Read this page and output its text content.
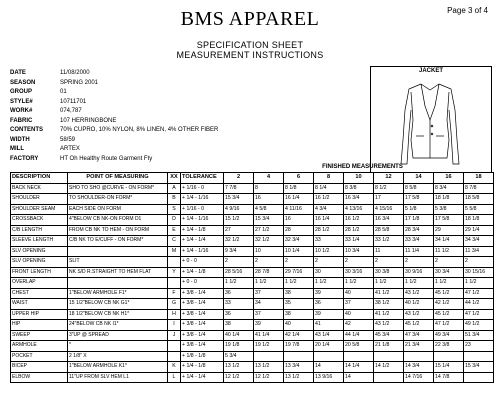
Page 3 of 4
BMS APPAREL
SPECIFICATION SHEET
MEASUREMENT INSTRUCTIONS
DATE	11/08/2000
SEASON	SPRING 2001
GROUP	01
STYLE#	10711701
WORK#	074,787
FABRIC	107 HERRINGBONE
CONTENTS	70% CUPRO, 10% NYLON, 8% LINEN, 4% OTHER FIBER
WIDTH	58/59
MILL	ARTEX
FACTORY	HT Oh Healthy Route Garment Fty
JACKET
FINISHED MEASUREMENTS
DESCRIPTION	POINT OF MEASURING	XX	TOLERANCE	2	4	6	8	10	12	14	16	18
BACK NECK	SHO TO SHO @CURVE - ON FORM*	A	+ 1/16 - 0	7 7/8	8	8 1/8	8 1/4	8 3/8	8 1/2	8 5/8	8 3/4	8 7/8
SHOULDER	TO SHOULDER-ON FORM*	B	+ 1/4 - 1/16	15 3/4	16	16 1/4	16 1/2	16 3/4	17	17 5/8	18 1/8	18 5/8
SHOULDER SEAM	EACH SIDE ON FORM	S	+ 1/16 - 0	4 9/16	4 5/8	4 11/16	4 3/4	4 13/16	4 15/16	5 1/8	5 3/8	5 5/8
CROSSBACK	4"BELOW CB NK-ON FORM D1	D	+ 1/4 - 1/16	15 1/2	15 3/4	16	16 1/4	16 1/2	16 3/4	17 1/8	17 5/8	18 1/8
C/B LENGTH	FROM CB NK TO HEM - ON FORM	E	+ 1/4 - 1/8	27	27 1/2	28	28 1/2	28 1/2	28 5/8	28 3/4	29	29 1/4
SLEEVE LENGTH	C/B NK TO E/CUFF - ON FORM*	C	+ 1/4 - 1/4	32 1/2	32 1/2	32 3/4	33	33 1/4	33 1/2	33 3/4	34 1/4	34 3/4
SLV OPENING		M	+ 1/4 - 1/16	9 3/4	10	10 1/4	10 1/2	10 3/4	11	11 1/4	11 1/2	11 3/4
SLV OPENING	SLIT		+ 0 - 0	2	2	2	2	2	2	2	2	2
FRONT LENGTH	NK S/D R.STRAIGHT TO HEM FLAT	Y	+ 1/4 - 1/8	28 5/16	28 7/8	29 7/16	30	30 3/16	30 3/8	30 9/16	30 3/4	30 15/16
OVERLAP			+ 0 - 0	1 1/2	1 1/2	1 1/2	1 1/2	1 1/2	1 1/2	1 1/2	1 1/2	1 1/2
CHEST	1"BELOW ARMHOLE F1*	F	+ 3/8 - 1/4	36	37	38	39	40	41 1/2	43 1/2	45 1/2	47 1/2
WAIST	15 1/2"BELOW CB NK G1*	G	+ 3/8 - 1/4	33	34	35	36	37	38 1/2	40 1/2	42 1/2	44 1/2
UPPER HIP	18 1/2"BELOW CB NK H1*	H	+ 3/8 - 1/4	36	37	38	39	40	41 1/2	43 1/2	45 1/2	47 1/2
HIP	24"BELOW CB NK I1*	I	+ 3/8 - 1/4	38	39	40	41	42	43 1/2	45 1/2	47 1/2	49 1/2
SWEEP	3"UP @ SPREAD	J	+ 3/8 - 1/4	40 1/4	41 1/4	42 1/4	43 1/4	44 1/4	45 3/4	47 3/4	49 3/4	51 3/4
ARMHOLE	*		+ 3/8 - 1/4	19 1/8	19 1/2	19 7/8	20 1/4	20 5/8	21 1/8	21 3/4	22 3/8	23
POCKET	2 1/8" X		+ 1/8 - 1/8	5 3/4								
BICEP	1"BELOW ARMHOLE K1*	K	+ 1/4 - 1/8	13 1/2	13 1/2	13 3/4	14	14 1/4	14 1/2	14 3/4	15 1/4	15 3/4
ELBOW	11"UP FROM SLV HEM L1	L	+ 1/4 - 1/4	12 1/2	12 1/2	13 1/2	13 9/16	14		14 7/16	14 7/8	
